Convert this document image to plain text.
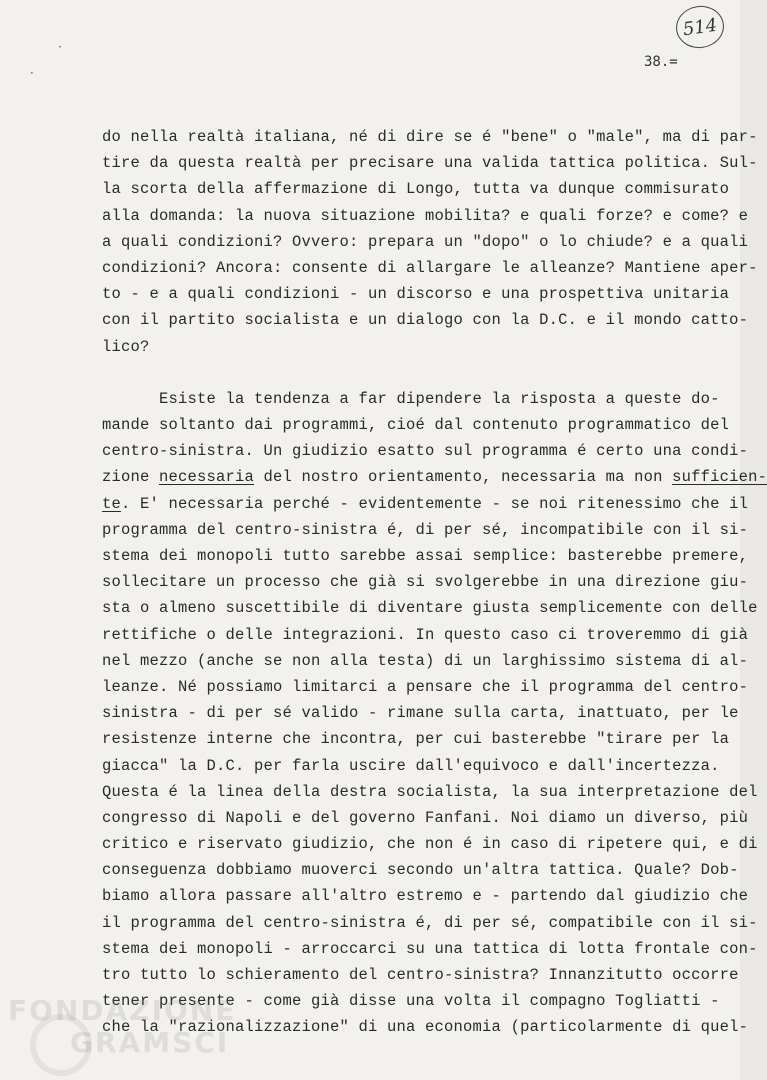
514
·
·
38.=
do nella realtà italiana, né di dire se é "bene" o "male", ma di par-
tire da questa realtà per precisare una valida tattica politica. Sul-
la scorta della affermazione di Longo, tutta va dunque commisurato
alla domanda: la nuova situazione mobilita? e quali forze? e come? e
a quali condizioni? Ovvero: prepara un "dopo" o lo chiude? e a quali
condizioni? Ancora: consente di allargare le alleanze? Mantiene aper-
to - e a quali condizioni - un discorso e una prospettiva unitaria
con il partito socialista e un dialogo con la D.C. e il mondo catto-
lico?
Esiste la tendenza a far dipendere la risposta a queste do-
mande soltanto dai programmi, cioé dal contenuto programmatico del
centro-sinistra. Un giudizio esatto sul programma é certo una condi-
zione necessaria del nostro orientamento, necessaria ma non sufficien-
te. E' necessaria perché - evidentemente - se noi ritenessimo che il
programma del centro-sinistra é, di per sé, incompatibile con il si-
stema dei monopoli tutto sarebbe assai semplice: basterebbe premere,
sollecitare un processo che già si svolgerebbe in una direzione giu-
sta o almeno suscettibile di diventare giusta semplicemente con delle
rettifiche o delle integrazioni. In questo caso ci troveremmo di già
nel mezzo (anche se non alla testa) di un larghissimo sistema di al-
leanze. Né possiamo limitarci a pensare che il programma del centro-
sinistra - di per sé valido - rimane sulla carta, inattuato, per le
resistenze interne che incontra, per cui basterebbe "tirare per la
giacca" la D.C. per farla uscire dall'equivoco e dall'incertezza.
Questa é la linea della destra socialista, la sua interpretazione del
congresso di Napoli e del governo Fanfani. Noi diamo un diverso, più
critico e riservato giudizio, che non é in caso di ripetere qui, e di
conseguenza dobbiamo muoverci secondo un'altra tattica. Quale? Dob-
biamo allora passare all'altro estremo e - partendo dal giudizio che
il programma del centro-sinistra é, di per sé, compatibile con il si-
stema dei monopoli - arroccarci su una tattica di lotta frontale con-
tro tutto lo schieramento del centro-sinistra? Innanzitutto occorre
tener presente - come già disse una volta il compagno Togliatti -
che la "razionalizzazione" di una economia (particolarmente di quel-
FONDAZIONE
GRAMSCI
